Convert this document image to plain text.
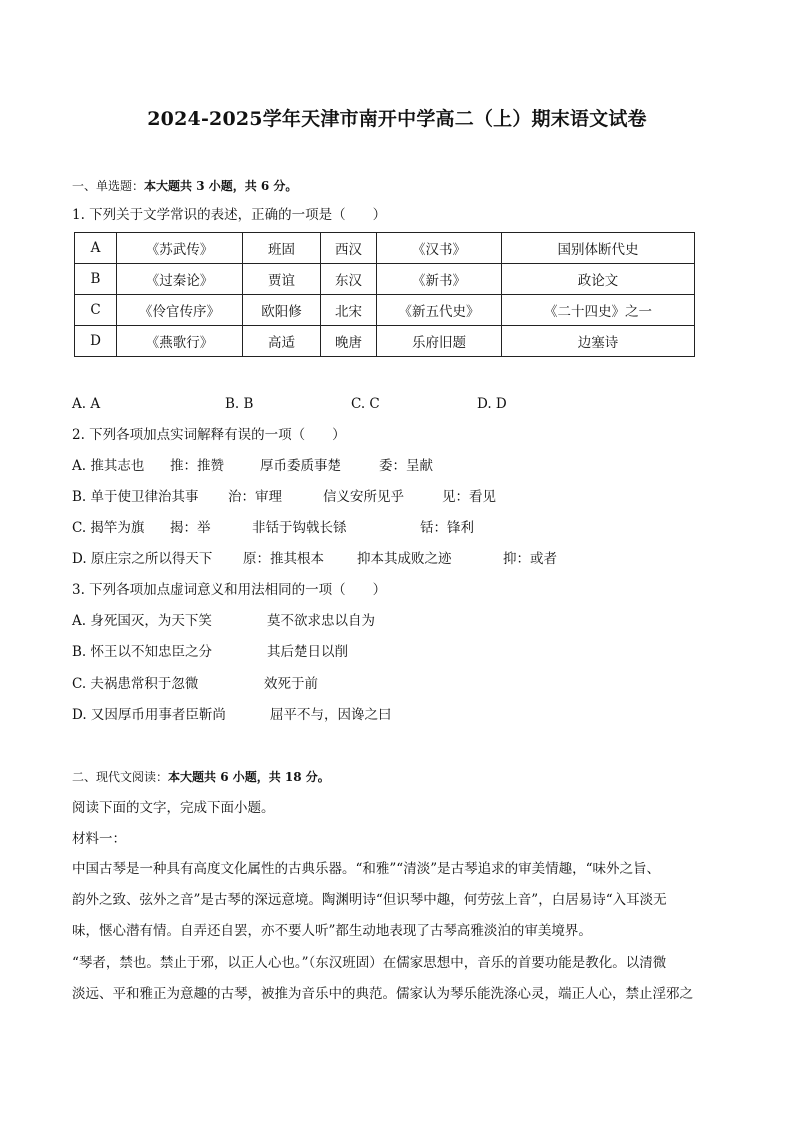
2024-2025学年天津市南开中学高二（上）期末语文试卷
一、单选题：本大题共 3 小题，共 6 分。
1. 下列关于文学常识的表述，正确的一项是（　　）
A	《苏武传》	班固	西汉	《汉书》	国别体断代史
B	《过秦论》	贾谊	东汉	《新书》	政论文
C	《伶官传序》	欧阳修	北宋	《新五代史》	《二十四史》之一
D	《燕歌行》	高适	晚唐	乐府旧题	边塞诗
A. A	B. B	C. C	D. D
2. 下列各项加点实词解释有误的一项（　　）
A. 推其志也 推：推赞	厚币委质事楚	委：呈献
B. 单于使卫律治其事 治：审理	信义安所见乎	见：看见
C. 揭竿为旗 揭：举	非铦于钩戟长铩	铦：锋利
D. 原庄宗之所以得天下 原：推其根本 抑本其成败之迹	抑：或者
3. 下列各项加点虚词意义和用法相同的一项（　　）
A. 身死国灭，为天下笑	莫不欲求忠以自为
B. 怀王以不知忠臣之分	其后楚日以削
C. 夫祸患常积于忽微	效死于前
D. 又因厚币用事者臣靳尚	屈平不与，因谗之曰
二、现代文阅读：本大题共 6 小题，共 18 分。
阅读下面的文字，完成下面小题。
材料一：
中国古琴是一种具有高度文化属性的古典乐器。“和雅”“清淡”是古琴追求的审美情趣，“味外之旨、
韵外之致、弦外之音”是古琴的深远意境。陶渊明诗“但识琴中趣，何劳弦上音”，白居易诗“入耳淡无
味，惬心潜有情。自弄还自罢，亦不要人听”都生动地表现了古琴高雅淡泊的审美境界。
“琴者，禁也。禁止于邪，以正人心也。”（东汉班固）在儒家思想中，音乐的首要功能是教化。以清微
淡远、平和雅正为意趣的古琴，被推为音乐中的典范。儒家认为琴乐能洗涤心灵，端正人心，禁止淫邪之
